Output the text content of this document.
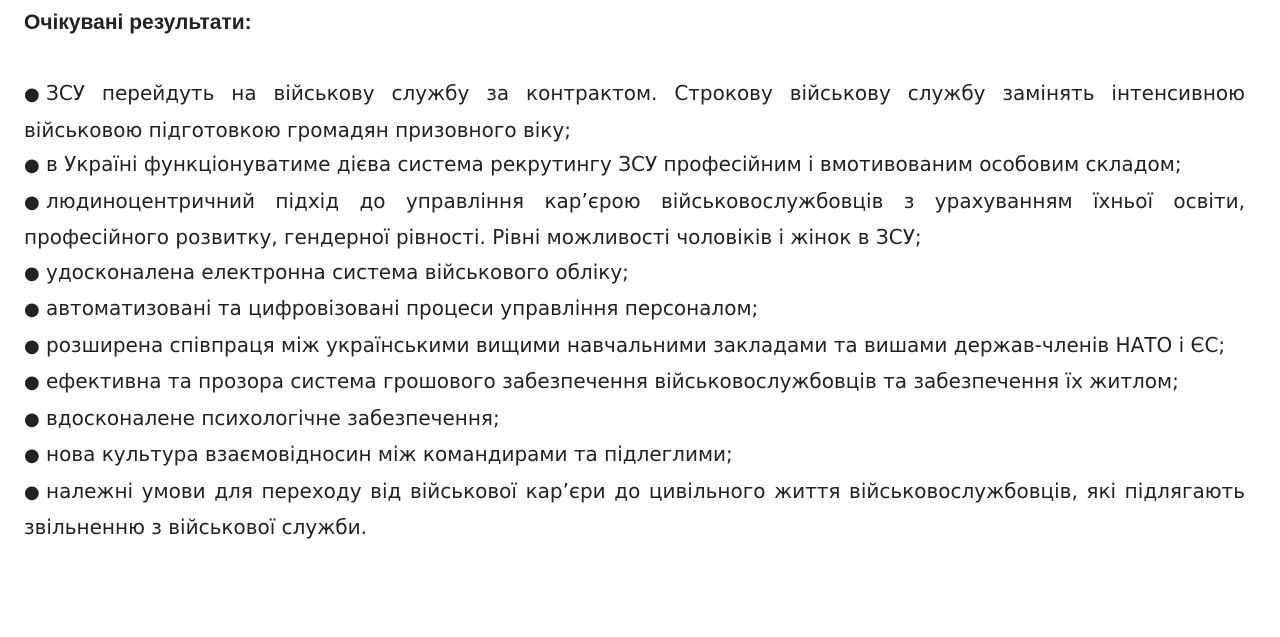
Очікувані результати:
● ЗСУ перейдуть на військову службу за контрактом. Строкову військову службу замінять інтенсивною військовою підготовкою громадян призовного віку;
● в Україні функціонуватиме дієва система рекрутингу ЗСУ професійним і вмотивованим особовим складом;
● людиноцентричний підхід до управління кар’єрою військовослужбовців з урахуванням їхньої освіти, професійного розвитку, гендерної рівності. Рівні можливості чоловіків і жінок в ЗСУ;
● удосконалена електронна система військового обліку;
● автоматизовані та цифровізовані процеси управління персоналом;
● розширена співпраця між українськими вищими навчальними закладами та вишами держав-членів НАТО і ЄС;
● ефективна та прозора система грошового забезпечення військовослужбовців та забезпечення їх житлом;
● вдосконалене психологічне забезпечення;
● нова культура взаємовідносин між командирами та підлеглими;
● належні умови для переходу від військової кар’єри до цивільного життя військовослужбовців, які підлягають звільненню з військової служби.
